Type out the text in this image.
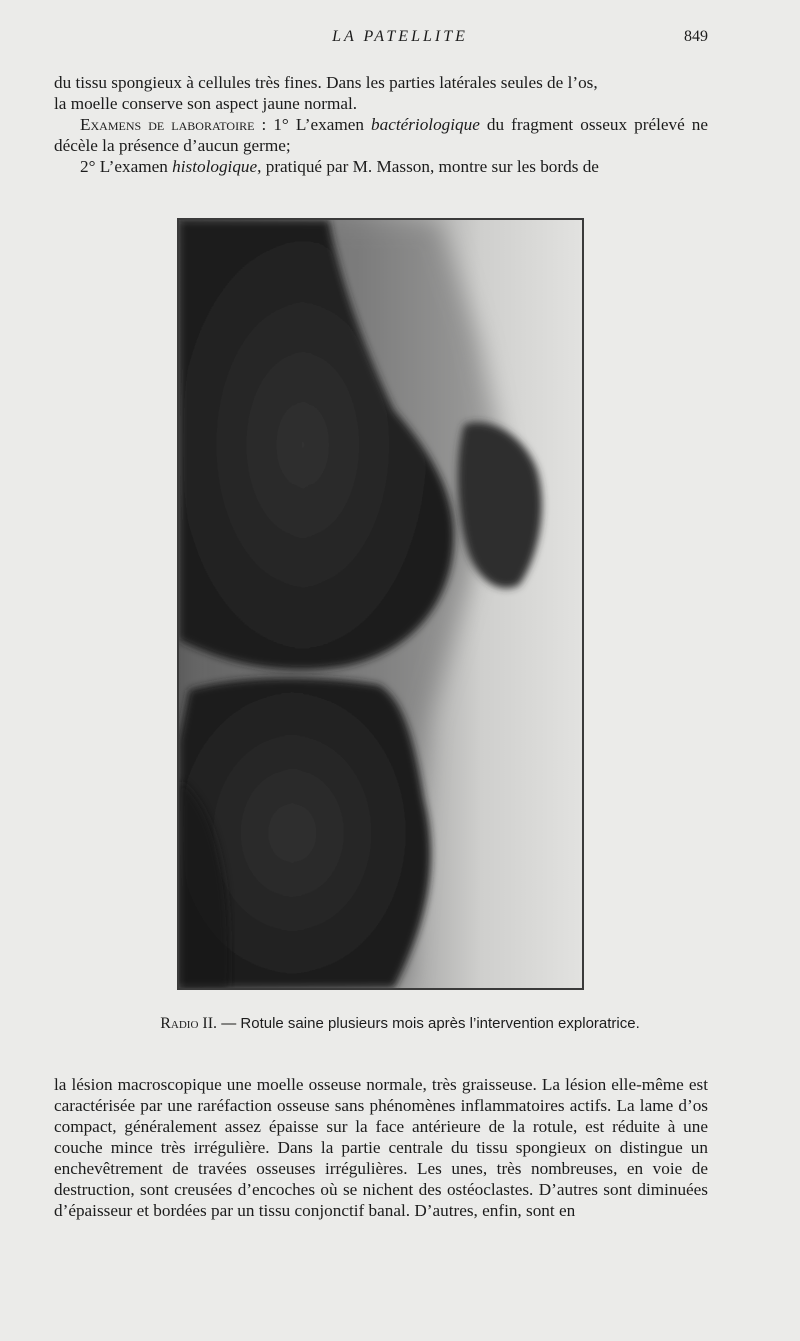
LA PATELLITE	849

du tissu spongieux à cellules très fines. Dans les parties latérales seules de l’os,
la moelle conserve son aspect jaune normal.

Examens de laboratoire : 1° L’examen bactériologique du fragment osseux prélevé ne décèle la présence d’aucun germe;

2° L’examen histologique, pratiqué par M. Masson, montre sur les bords de

Radio II. — Rotule saine plusieurs mois après l’intervention exploratrice.

la lésion macroscopique une moelle osseuse normale, très graisseuse. La lésion elle-même est caractérisée par une raréfaction osseuse sans phénomènes inflammatoires actifs. La lame d’os compact, généralement assez épaisse sur la face antérieure de la rotule, est réduite à une couche mince très irrégulière. Dans la partie centrale du tissu spongieux on distingue un enchevêtrement de travées osseuses irrégulières. Les unes, très nombreuses, en voie de destruction, sont creusées d’encoches où se nichent des ostéoclastes. D’autres sont diminuées d’épaisseur et bordées par un tissu conjonctif banal. D’autres, enfin, sont en
